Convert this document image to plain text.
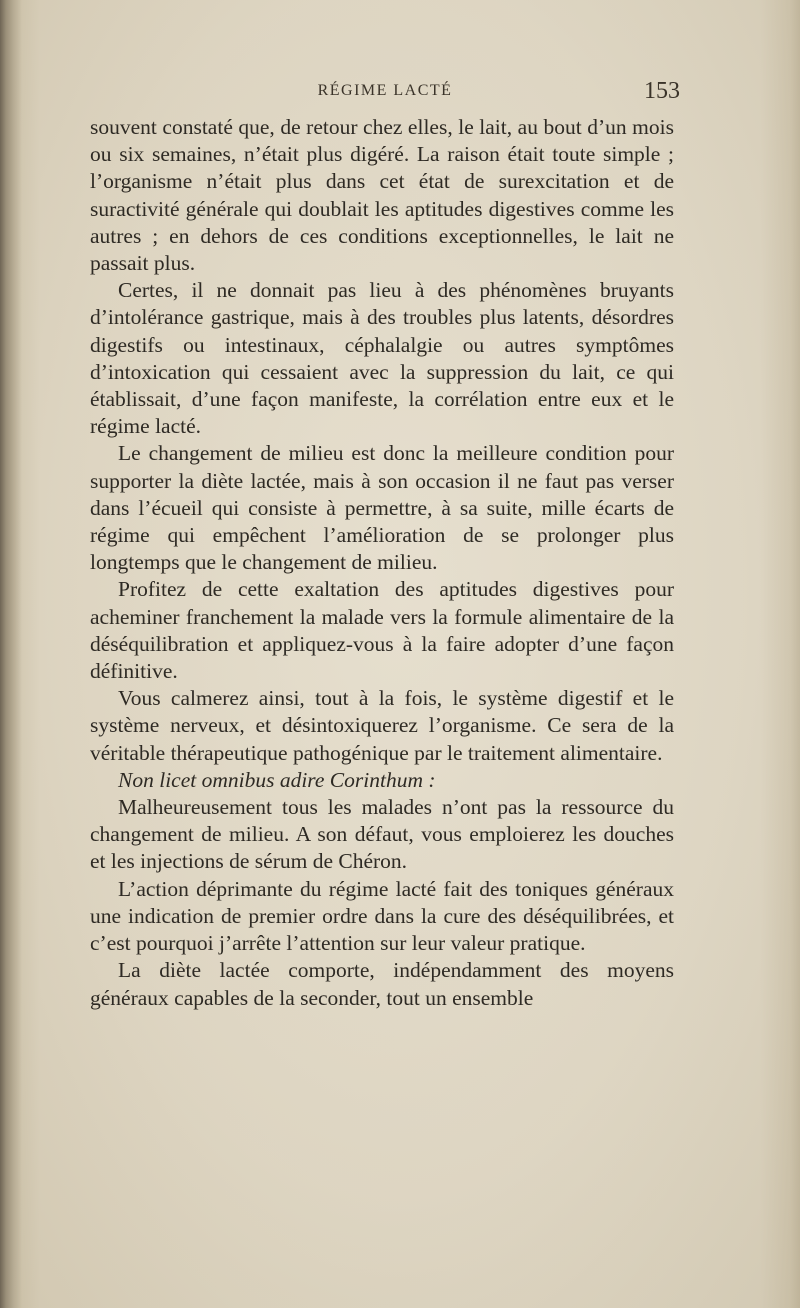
RÉGIME LACTÉ	153

souvent constaté que, de retour chez elles, le lait, au bout d’un mois ou six semaines, n’était plus digéré. La raison était toute simple ; l’organisme n’était plus dans cet état de surexcitation et de suractivité générale qui doublait les aptitudes digestives comme les autres ; en dehors de ces conditions exceptionnelles, le lait ne passait plus.

Certes, il ne donnait pas lieu à des phénomènes bruyants d’intolérance gastrique, mais à des troubles plus latents, désordres digestifs ou intestinaux, céphalalgie ou autres symptômes d’intoxication qui cessaient avec la suppression du lait, ce qui établissait, d’une façon manifeste, la corrélation entre eux et le régime lacté.

Le changement de milieu est donc la meilleure condition pour supporter la diète lactée, mais à son occasion il ne faut pas verser dans l’écueil qui consiste à permettre, à sa suite, mille écarts de régime qui empêchent l’amélioration de se prolonger plus longtemps que le changement de milieu.

Profitez de cette exaltation des aptitudes digestives pour acheminer franchement la malade vers la formule alimentaire de la déséquilibration et appliquez-vous à la faire adopter d’une façon définitive.

Vous calmerez ainsi, tout à la fois, le système digestif et le système nerveux, et désintoxiquerez l’organisme. Ce sera de la véritable thérapeutique pathogénique par le traitement alimentaire.

Non licet omnibus adire Corinthum :

Malheureusement tous les malades n’ont pas la ressource du changement de milieu. A son défaut, vous emploierez les douches et les injections de sérum de Chéron.

L’action déprimante du régime lacté fait des toniques généraux une indication de premier ordre dans la cure des déséquilibrées, et c’est pourquoi j’arrête l’attention sur leur valeur pratique.

La diète lactée comporte, indépendamment des moyens généraux capables de la seconder, tout un ensemble
